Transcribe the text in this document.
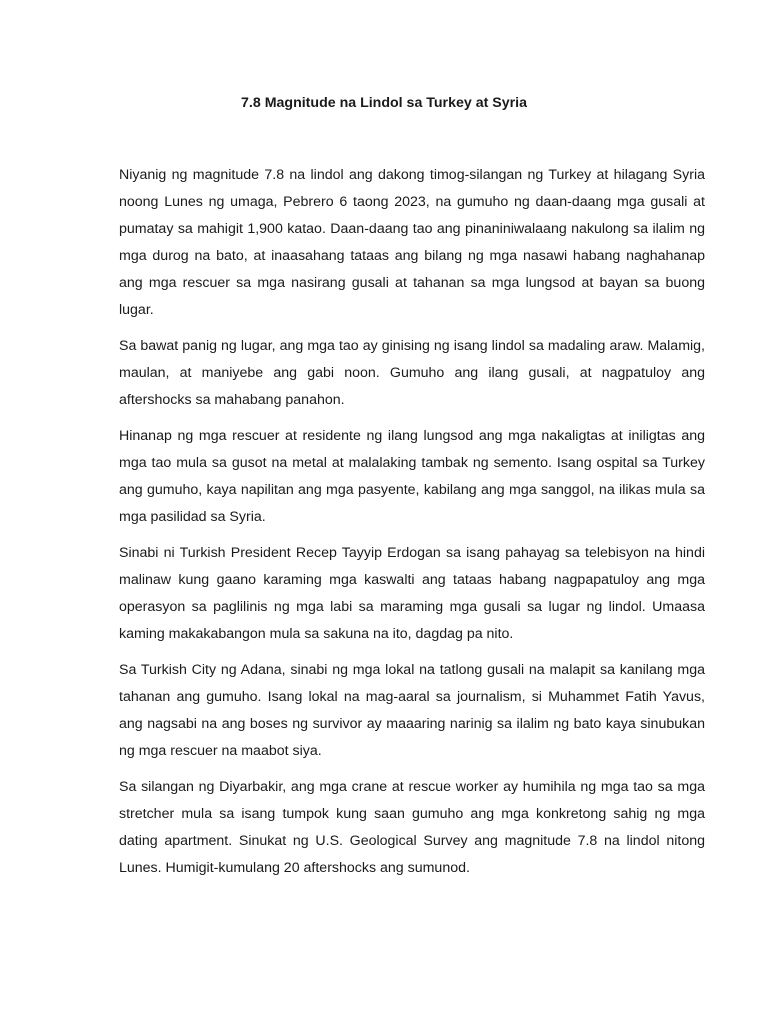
7.8 Magnitude na Lindol sa Turkey at Syria

Niyanig ng magnitude 7.8 na lindol ang dakong timog-silangan ng Turkey at hilagang Syria noong Lunes ng umaga, Pebrero 6 taong 2023, na gumuho ng daan-daang mga gusali at pumatay sa mahigit 1,900 katao. Daan-daang tao ang pinaniniwalaang nakulong sa ilalim ng mga durog na bato, at inaasahang tataas ang bilang ng mga nasawi habang naghahanap ang mga rescuer sa mga nasirang gusali at tahanan sa mga lungsod at bayan sa buong lugar.

Sa bawat panig ng lugar, ang mga tao ay ginising ng isang lindol sa madaling araw. Malamig, maulan, at maniyebe ang gabi noon. Gumuho ang ilang gusali, at nagpatuloy ang aftershocks sa mahabang panahon.

Hinanap ng mga rescuer at residente ng ilang lungsod ang mga nakaligtas at iniligtas ang mga tao mula sa gusot na metal at malalaking tambak ng semento. Isang ospital sa Turkey ang gumuho, kaya napilitan ang mga pasyente, kabilang ang mga sanggol, na ilikas mula sa mga pasilidad sa Syria.

Sinabi ni Turkish President Recep Tayyip Erdogan sa isang pahayag sa telebisyon na hindi malinaw kung gaano karaming mga kaswalti ang tataas habang nagpapatuloy ang mga operasyon sa paglilinis ng mga labi sa maraming mga gusali sa lugar ng lindol. Umaasa kaming makakabangon mula sa sakuna na ito, dagdag pa nito.

Sa Turkish City ng Adana, sinabi ng mga lokal na tatlong gusali na malapit sa kanilang mga tahanan ang gumuho. Isang lokal na mag-aaral sa journalism, si Muhammet Fatih Yavus, ang nagsabi na ang boses ng survivor ay maaaring narinig sa ilalim ng bato kaya sinubukan ng mga rescuer na maabot siya.

Sa silangan ng Diyarbakir, ang mga crane at rescue worker ay humihila ng mga tao sa mga stretcher mula sa isang tumpok kung saan gumuho ang mga konkretong sahig ng mga dating apartment. Sinukat ng U.S. Geological Survey ang magnitude 7.8 na lindol nitong Lunes. Humigit-kumulang 20 aftershocks ang sumunod.
